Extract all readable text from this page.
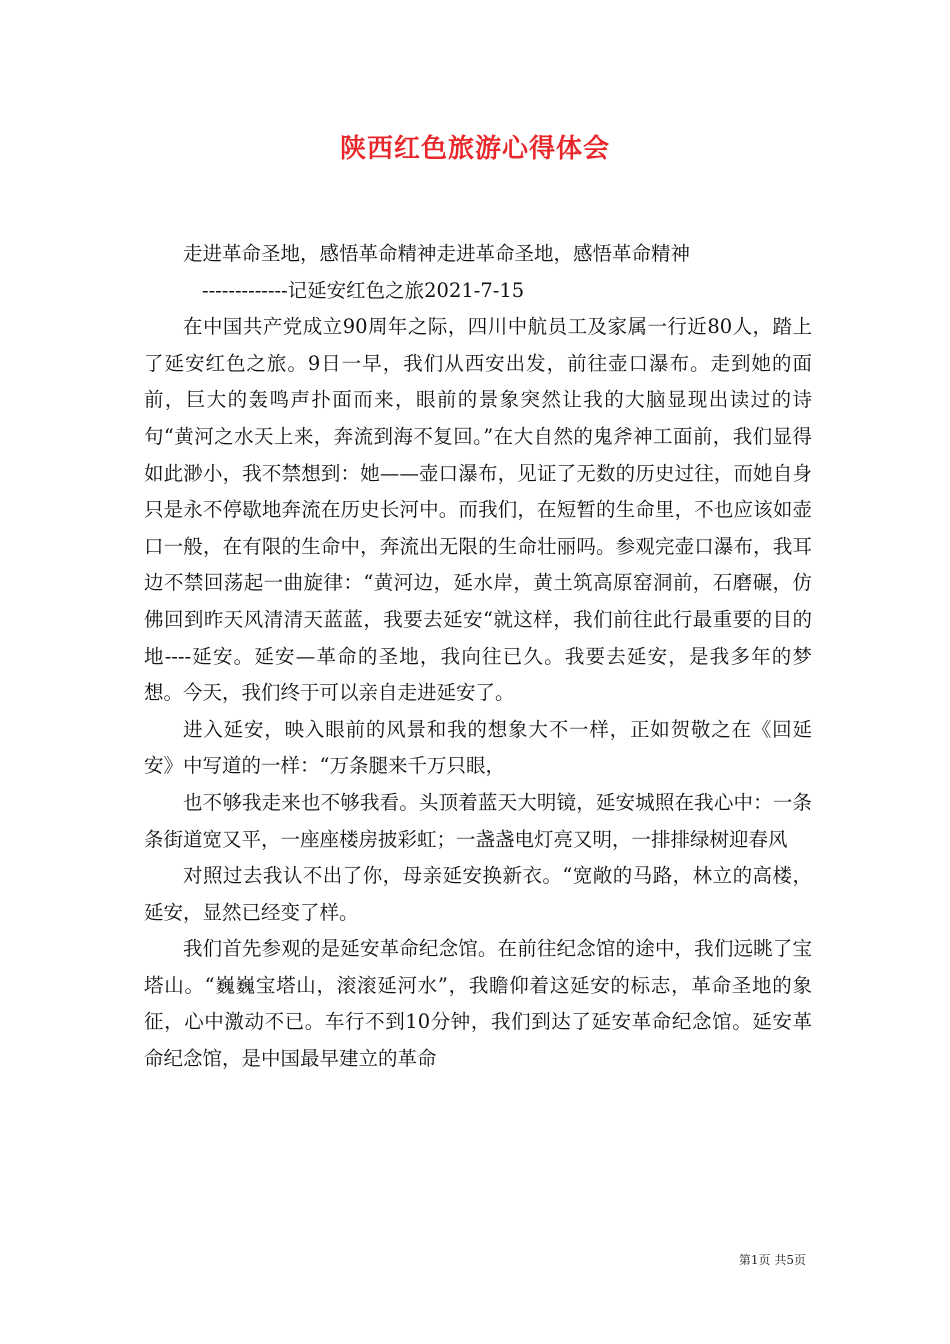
陕西红色旅游心得体会

走进革命圣地，感悟革命精神走进革命圣地，感悟革命精神

-------------记延安红色之旅2021-7-15

在中国共产党成立90周年之际，四川中航员工及家属一行近80人，踏上了延安红色之旅。9日一早，我们从西安出发，前往壶口瀑布。走到她的面前，巨大的轰鸣声扑面而来，眼前的景象突然让我的大脑显现出读过的诗句“黄河之水天上来，奔流到海不复回。”在大自然的鬼斧神工面前，我们显得如此渺小，我不禁想到：她——壶口瀑布，见证了无数的历史过往，而她自身只是永不停歇地奔流在历史长河中。而我们，在短暂的生命里，不也应该如壶口一般，在有限的生命中，奔流出无限的生命壮丽吗。参观完壶口瀑布，我耳边不禁回荡起一曲旋律：“黄河边，延水岸，黄土筑高原窑洞前，石磨碾，仿佛回到昨天风清清天蓝蓝，我要去延安“就这样，我们前往此行最重要的目的地----延安。延安—革命的圣地，我向往已久。我要去延安，是我多年的梦想。今天，我们终于可以亲自走进延安了。

进入延安，映入眼前的风景和我的想象大不一样，正如贺敬之在《回延安》中写道的一样：“万条腿来千万只眼，

也不够我走来也不够我看。头顶着蓝天大明镜，延安城照在我心中：一条条街道宽又平，一座座楼房披彩虹；一盏盏电灯亮又明，一排排绿树迎春风

对照过去我认不出了你，母亲延安换新衣。“宽敞的马路，林立的高楼，延安，显然已经变了样。

我们首先参观的是延安革命纪念馆。在前往纪念馆的途中，我们远眺了宝塔山。“巍巍宝塔山，滚滚延河水”，我瞻仰着这延安的标志，革命圣地的象征，心中激动不已。车行不到10分钟，我们到达了延安革命纪念馆。延安革命纪念馆，是中国最早建立的革命

第1页 共5页
